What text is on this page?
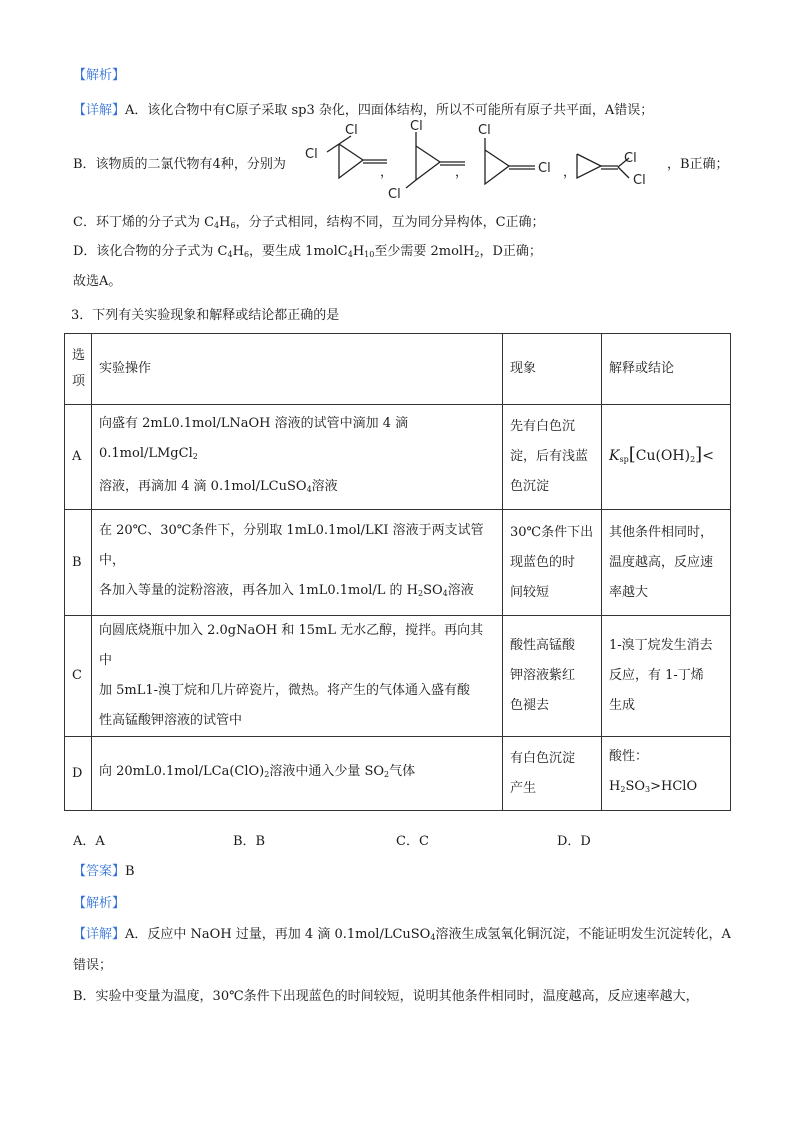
【解析】
【详解】A．该化合物中有C原子采取 sp3 杂化，四面体结构，所以不可能所有原子共平面，A错误；
B．该物质的二氯代物有4种，分别为
Cl
Cl
，
Cl
Cl
，
Cl
Cl ，
Cl
Cl
，B正确；
C．环丁烯的分子式为 $C_4H_6$，分子式相同，结构不同，互为同分异构体，C正确；
D．该化合物的分子式为 $C_4H_6$，要生成 $1molC_4H_{10}$至少需要 2molH$_2$，D正确；
故选A。
3．下列有关实验现象和解释或结论都正确的是
选
项	实验操作	现象	解释或结论
A	向盛有 2mL0.1mol/LNaOH 溶液的试管中滴加 4 滴 0.1mol/LMgCl$_2$
溶液，再滴加 4 滴 0.1mol/LCuSO$_4$溶液	先有白色沉
淀，后有浅蓝
色沉淀	$K_{sp}[Cu(OH)_2]<$
B	在 20℃、30℃条件下，分别取 1mL0.1mol/LKI 溶液于两支试管中，
各加入等量的淀粉溶液，再各加入 1mL0.1mol/L 的 $H_2SO_4$溶液	30℃条件下出
现蓝色的时
间较短	其他条件相同时，
温度越高，反应速
率越大
C	向圆底烧瓶中加入 2.0gNaOH 和 15mL 无水乙醇，搅拌。再向其中
加 5mL1-溴丁烷和几片碎瓷片，微热。将产生的气体通入盛有酸
性高锰酸钾溶液的试管中	酸性高锰酸
钾溶液紫红
色褪去	1-溴丁烷发生消去
反应，有 1-丁烯
生成
D	向 $20mL0.1mol/LCa(ClO)_2$溶液中通入少量 $SO_2$气体	有白色沉淀
产生	酸性：$H_2SO_3>HClO$
A．A	B．B	C．C	D．D
【答案】B
【解析】
【详解】A．反应中 NaOH 过量，再加 4 滴 0.1mol/LCuSO$_4$溶液生成氢氧化铜沉淀，不能证明发生沉淀转化，A
错误；
B．实验中变量为温度，30℃条件下出现蓝色的时间较短，说明其他条件相同时，温度越高，反应速率越大，
